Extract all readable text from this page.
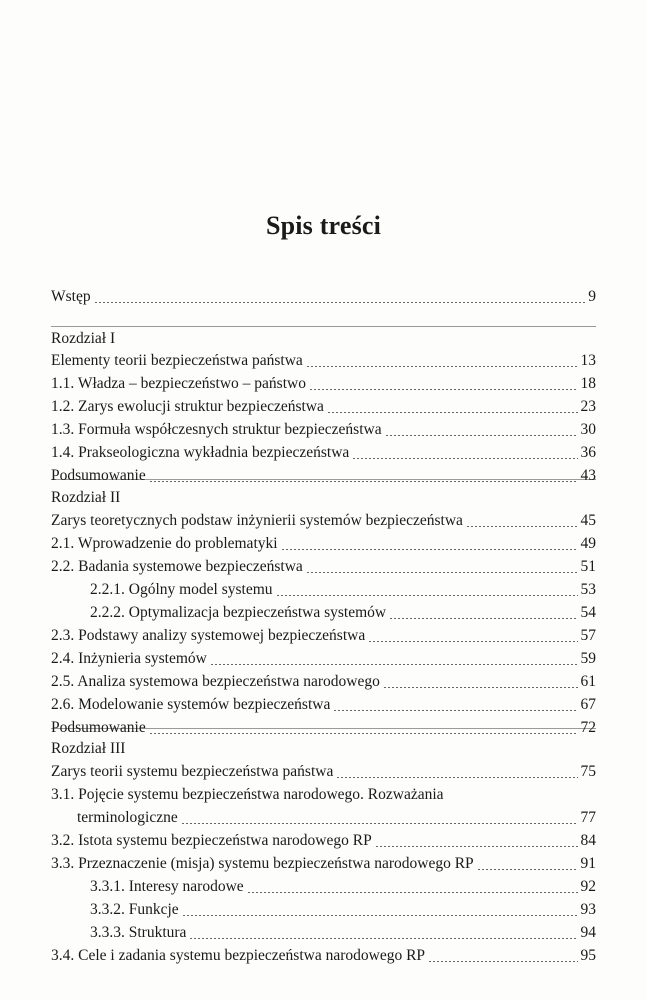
Spis treści
Wstęp	9
Rozdział I
Elementy teorii bezpieczeństwa państwa	13
1.1. Władza – bezpieczeństwo – państwo	18
1.2. Zarys ewolucji struktur bezpieczeństwa	23
1.3. Formuła współczesnych struktur bezpieczeństwa	30
1.4. Prakseologiczna wykładnia bezpieczeństwa	36
Podsumowanie	43
Rozdział II
Zarys teoretycznych podstaw inżynierii systemów bezpieczeństwa	45
2.1. Wprowadzenie do problematyki	49
2.2. Badania systemowe bezpieczeństwa	51
2.2.1. Ogólny model systemu	53
2.2.2. Optymalizacja bezpieczeństwa systemów	54
2.3. Podstawy analizy systemowej bezpieczeństwa	57
2.4. Inżynieria systemów	59
2.5. Analiza systemowa bezpieczeństwa narodowego	61
2.6. Modelowanie systemów bezpieczeństwa	67
Podsumowanie	72
Rozdział III
Zarys teorii systemu bezpieczeństwa państwa	75
3.1. Pojęcie systemu bezpieczeństwa narodowego. Rozważania
terminologiczne	77
3.2. Istota systemu bezpieczeństwa narodowego RP	84
3.3. Przeznaczenie (misja) systemu bezpieczeństwa narodowego RP	91
3.3.1. Interesy narodowe	92
3.3.2. Funkcje	93
3.3.3. Struktura	94
3.4. Cele i zadania systemu bezpieczeństwa narodowego RP	95
